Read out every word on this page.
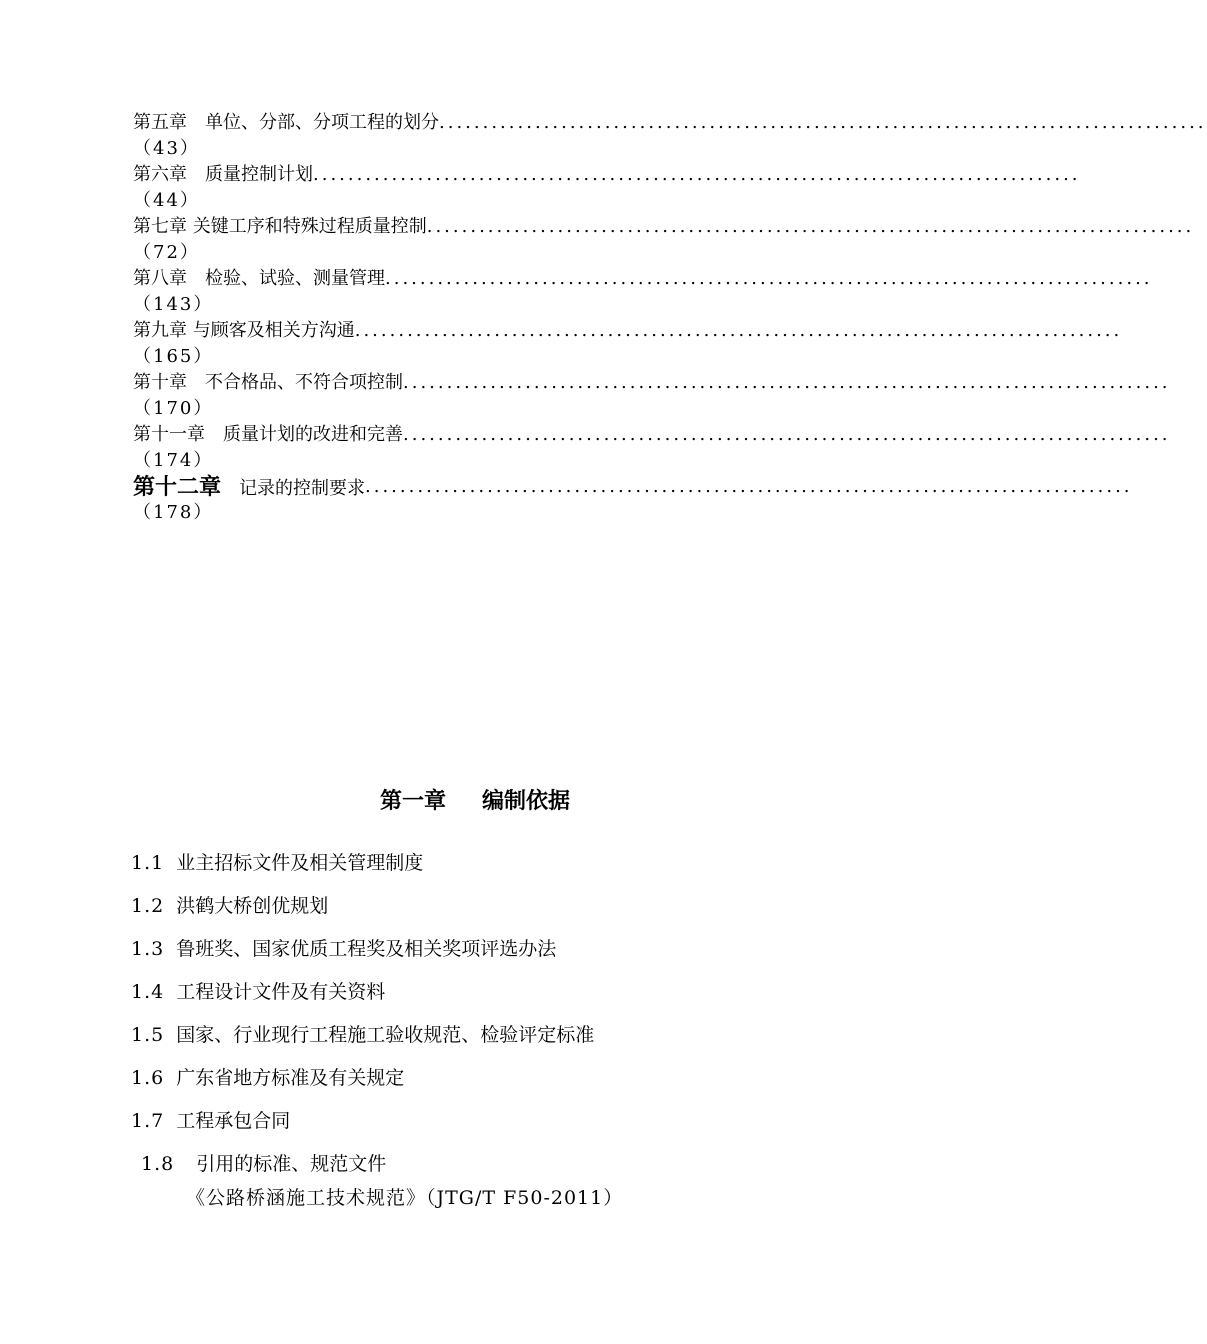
第五章　单位、分部、分项工程的划分 ........................................................................................
（43）
第六章　质量控制计划 ........................................................................................
（44）
第七章 关键工序和特殊过程质量控制 ........................................................................................
（72）
第八章　检验、试验、测量管理 ........................................................................................
（143）
第九章 与顾客及相关方沟通 ........................................................................................
（165）
第十章　不合格品、不符合项控制 ........................................................................................
（170）
第十一章　质量计划的改进和完善 ........................................................................................
（174）
第十二章　记录的控制要求 ........................................................................................
（178）
第一章 编制依据
1.1 业主招标文件及相关管理制度
1.2 洪鹤大桥创优规划
1.3 鲁班奖、国家优质工程奖及相关奖项评选办法
1.4 工程设计文件及有关资料
1.5 国家、行业现行工程施工验收规范、检验评定标准
1.6 广东省地方标准及有关规定
1.7 工程承包合同
1.8 引用的标准、规范文件
《公路桥涵施工技术规范》（JTG/T F50-2011）
